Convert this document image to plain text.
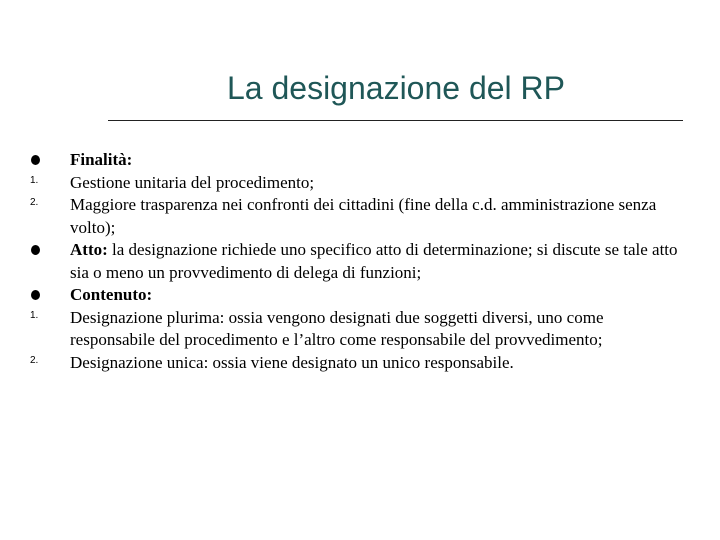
La designazione del RP
Finalità:
1. Gestione unitaria del procedimento;
2. Maggiore trasparenza nei confronti dei cittadini (fine della c.d. amministrazione senza volto);
Atto: la designazione richiede uno specifico atto di determinazione; si discute se tale atto sia o meno un provvedimento di delega di funzioni;
Contenuto:
1. Designazione plurima: ossia vengono designati due soggetti diversi, uno come responsabile del procedimento e l’altro come responsabile del provvedimento;
2. Designazione unica: ossia viene designato un unico responsabile.
